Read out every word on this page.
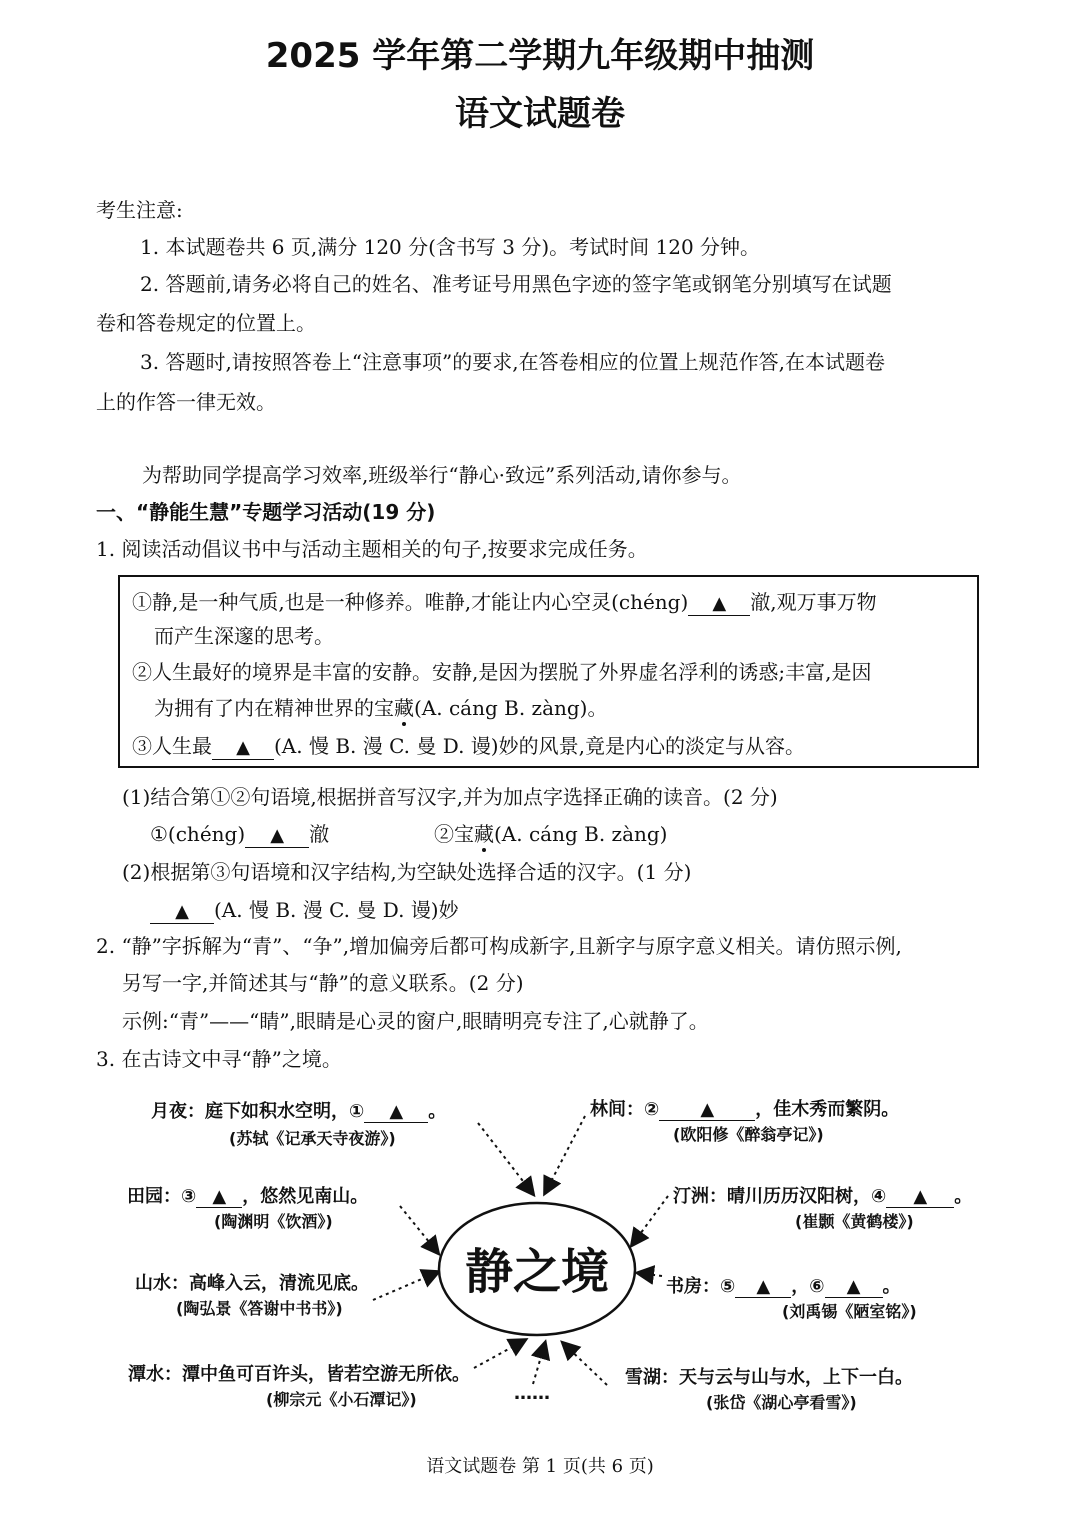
2025 学年第二学期九年级期中抽测
语文试题卷
考生注意:
1. 本试题卷共 6 页,满分 120 分(含书写 3 分)。考试时间 120 分钟。
2. 答题前,请务必将自己的姓名、准考证号用黑色字迹的签字笔或钢笔分别填写在试题
卷和答卷规定的位置上。
3. 答题时,请按照答卷上“注意事项”的要求,在答卷相应的位置上规范作答,在本试题卷
上的作答一律无效。
为帮助同学提高学习效率,班级举行“静心·致远”系列活动,请你参与。
一、“静能生慧”专题学习活动(19 分)
1. 阅读活动倡议书中与活动主题相关的句子,按要求完成任务。
①静,是一种气质,也是一种修养。唯静,才能让内心空灵(chéng) ▲ 澈,观万事万物
而产生深邃的思考。
②人生最好的境界是丰富的安静。安静,是因为摆脱了外界虚名浮利的诱惑;丰富,是因
为拥有了内在精神世界的宝藏(A. cáng B. zàng)。
③人生最 ▲ (A. 慢 B. 漫 C. 曼 D. 谩)妙的风景,竟是内心的淡定与从容。
(1)结合第①②句语境,根据拼音写汉字,并为加点字选择正确的读音。(2 分)
①(chéng) ▲ 澈	②宝藏(A. cáng B. zàng)
(2)根据第③句语境和汉字结构,为空缺处选择合适的汉字。(1 分)
▲ (A. 慢 B. 漫 C. 曼 D. 谩)妙
2. “静”字拆解为“青”、“争”,增加偏旁后都可构成新字,且新字与原字意义相关。请仿照示例,
另写一字,并简述其与“静”的意义联系。(2 分)
示例:“青”——“睛”,眼睛是心灵的窗户,眼睛明亮专注了,心就静了。
3. 在古诗文中寻“静”之境。
静之境
月夜：庭下如积水空明，① ▲ 。
(苏轼《记承天寺夜游》)
林间：② ▲ ，佳木秀而繁阴。
(欧阳修《醉翁亭记》)
田园：③ ▲ ，悠然见南山。
(陶渊明《饮酒》)
汀洲：晴川历历汉阳树，④ ▲ 。
(崔颢《黄鹤楼》)
山水：高峰入云，清流见底。
(陶弘景《答谢中书书》)
书房：⑤ ▲ ，⑥ ▲ 。
(刘禹锡《陋室铭》)
潭水：潭中鱼可百许头，皆若空游无所依。
(柳宗元《小石潭记》)	……
雪湖：天与云与山与水，上下一白。
(张岱《湖心亭看雪》)
语文试题卷 第 1 页(共 6 页)
